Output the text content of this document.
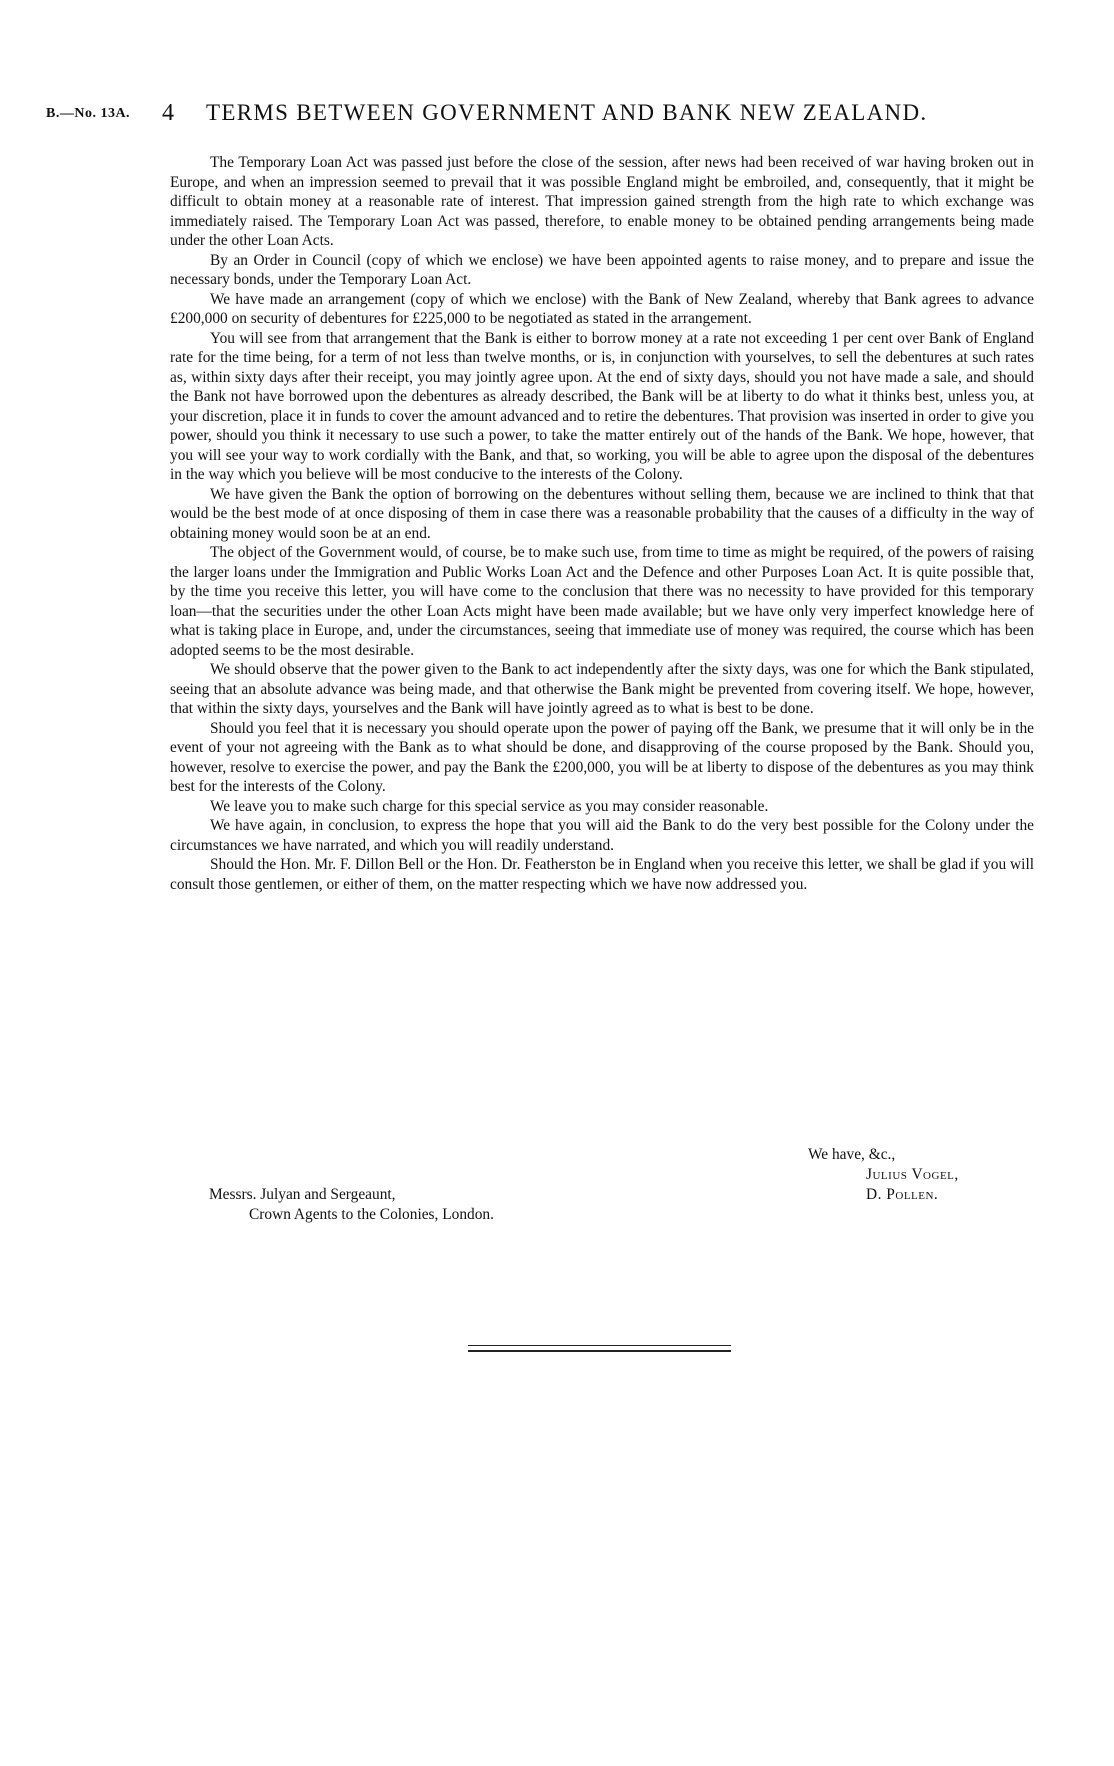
B.—No. 13A. 4 TERMS BETWEEN GOVERNMENT AND BANK NEW ZEALAND.

The Temporary Loan Act was passed just before the close of the session, after news had been received of war having broken out in Europe, and when an impression seemed to prevail that it was possible England might be embroiled, and, consequently, that it might be difficult to obtain money at a reasonable rate of interest. That impression gained strength from the high rate to which exchange was immediately raised. The Temporary Loan Act was passed, therefore, to enable money to be obtained pending arrangements being made under the other Loan Acts.

By an Order in Council (copy of which we enclose) we have been appointed agents to raise money, and to prepare and issue the necessary bonds, under the Temporary Loan Act.

We have made an arrangement (copy of which we enclose) with the Bank of New Zealand, whereby that Bank agrees to advance £200,000 on security of debentures for £225,000 to be negotiated as stated in the arrangement.

You will see from that arrangement that the Bank is either to borrow money at a rate not exceeding 1 per cent over Bank of England rate for the time being, for a term of not less than twelve months, or is, in conjunction with yourselves, to sell the debentures at such rates as, within sixty days after their receipt, you may jointly agree upon. At the end of sixty days, should you not have made a sale, and should the Bank not have borrowed upon the debentures as already described, the Bank will be at liberty to do what it thinks best, unless you, at your discretion, place it in funds to cover the amount advanced and to retire the debentures. That provision was inserted in order to give you power, should you think it necessary to use such a power, to take the matter entirely out of the hands of the Bank. We hope, however, that you will see your way to work cordially with the Bank, and that, so working, you will be able to agree upon the disposal of the debentures in the way which you believe will be most conducive to the interests of the Colony.

We have given the Bank the option of borrowing on the debentures without selling them, because we are inclined to think that that would be the best mode of at once disposing of them in case there was a reasonable probability that the causes of a difficulty in the way of obtaining money would soon be at an end.

The object of the Government would, of course, be to make such use, from time to time as might be required, of the powers of raising the larger loans under the Immigration and Public Works Loan Act and the Defence and other Purposes Loan Act. It is quite possible that, by the time you receive this letter, you will have come to the conclusion that there was no necessity to have provided for this temporary loan—that the securities under the other Loan Acts might have been made available; but we have only very imperfect knowledge here of what is taking place in Europe, and, under the circumstances, seeing that immediate use of money was required, the course which has been adopted seems to be the most desirable.

We should observe that the power given to the Bank to act independently after the sixty days, was one for which the Bank stipulated, seeing that an absolute advance was being made, and that otherwise the Bank might be prevented from covering itself. We hope, however, that within the sixty days, yourselves and the Bank will have jointly agreed as to what is best to be done.

Should you feel that it is necessary you should operate upon the power of paying off the Bank, we presume that it will only be in the event of your not agreeing with the Bank as to what should be done, and disapproving of the course proposed by the Bank. Should you, however, resolve to exercise the power, and pay the Bank the £200,000, you will be at liberty to dispose of the debentures as you may think best for the interests of the Colony.

We leave you to make such charge for this special service as you may consider reasonable.

We have again, in conclusion, to express the hope that you will aid the Bank to do the very best possible for the Colony under the circumstances we have narrated, and which you will readily understand.

Should the Hon. Mr. F. Dillon Bell or the Hon. Dr. Featherston be in England when you receive this letter, we shall be glad if you will consult those gentlemen, or either of them, on the matter respecting which we have now addressed you.

We have, &c.,
Julius Vogel,
D. Pollen.
Messrs. Julyan and Sergeaunt,
Crown Agents to the Colonies, London.
